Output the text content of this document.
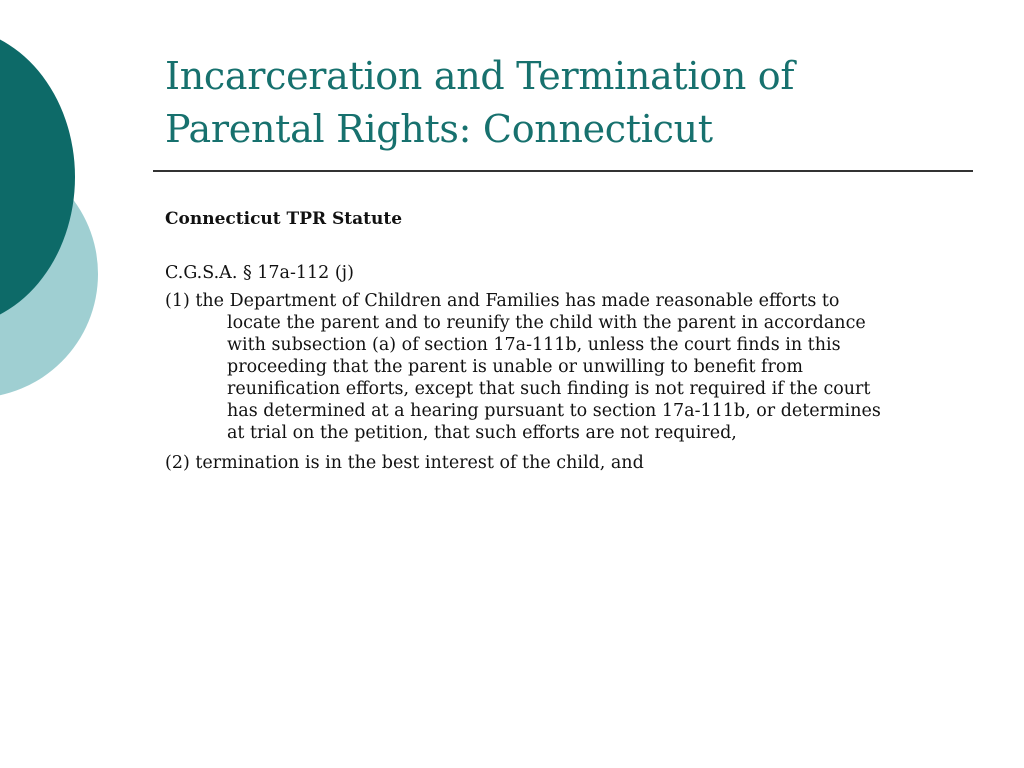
Incarceration and Termination of
Parental Rights: Connecticut

Connecticut TPR Statute

C.G.S.A. § 17a-112 (j)

(1) the Department of Children and Families has made reasonable efforts to
locate the parent and to reunify the child with the parent in accordance
with subsection (a) of section 17a-111b, unless the court finds in this
proceeding that the parent is unable or unwilling to benefit from
reunification efforts, except that such finding is not required if the court
has determined at a hearing pursuant to section 17a-111b, or determines
at trial on the petition, that such efforts are not required,
(2) termination is in the best interest of the child, and
